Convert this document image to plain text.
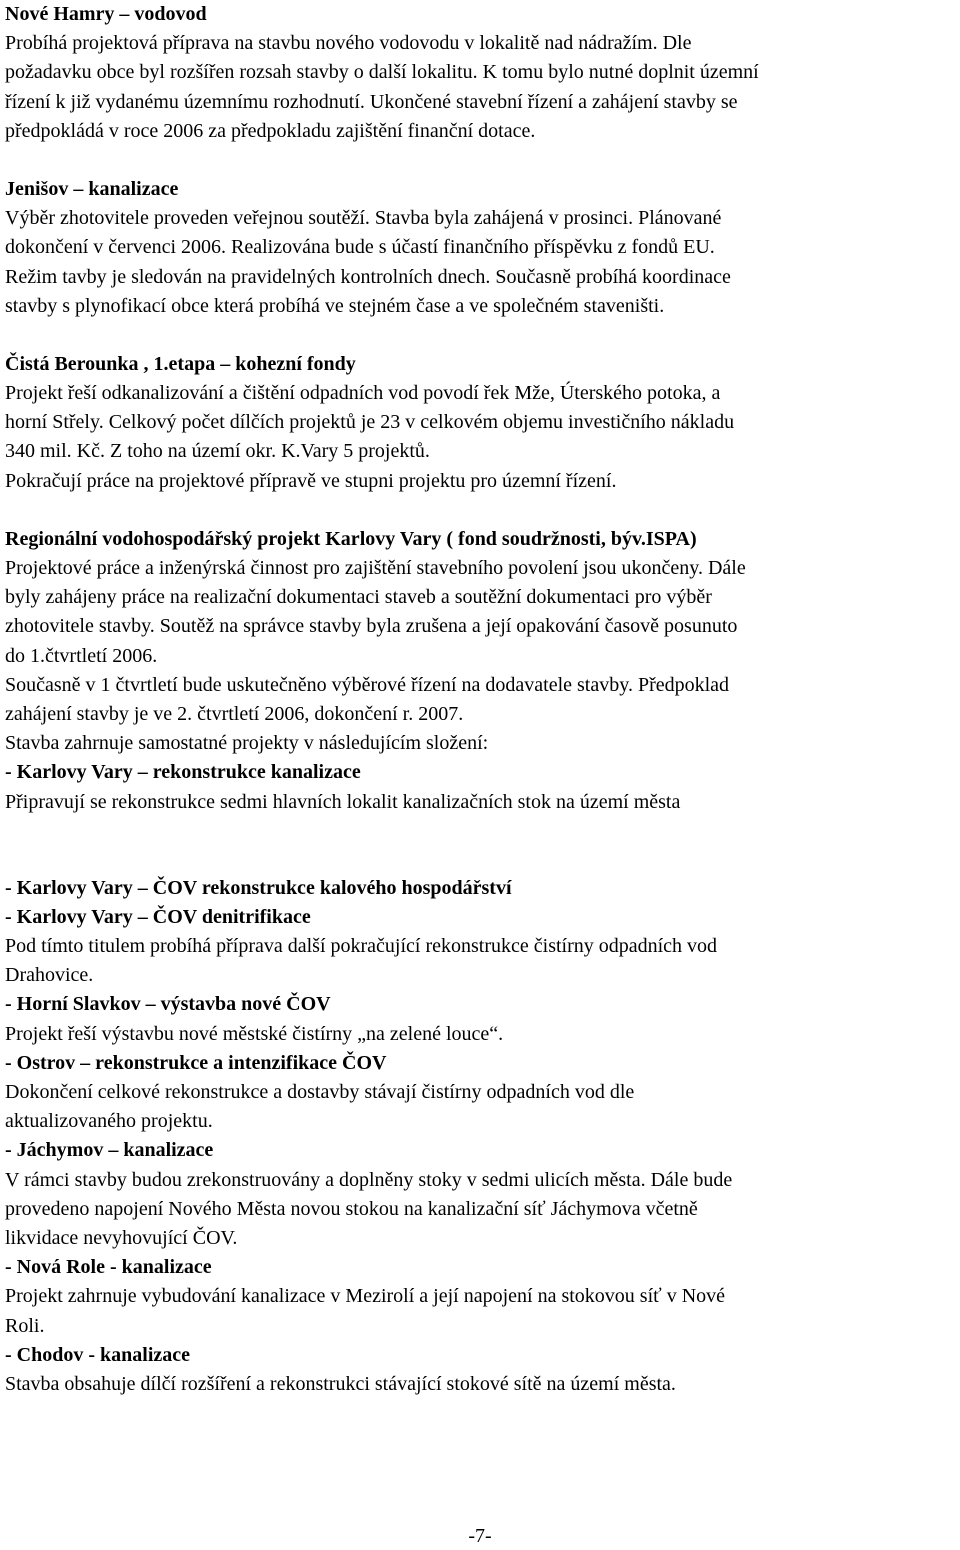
Nové Hamry – vodovod
Probíhá projektová příprava na stavbu nového vodovodu v lokalitě nad nádražím. Dle
požadavku obce byl rozšířen rozsah stavby o další lokalitu. K tomu bylo nutné doplnit územní
řízení k již vydanému územnímu rozhodnutí. Ukončené stavební řízení a zahájení stavby se
předpokládá v roce 2006 za předpokladu zajištění finanční dotace.
Jenišov – kanalizace
Výběr zhotovitele proveden veřejnou soutěží. Stavba byla zahájená v prosinci. Plánované
dokončení v červenci 2006. Realizována bude s účastí finančního příspěvku z fondů EU.
Režim tavby je sledován na pravidelných kontrolních dnech. Současně probíhá koordinace
stavby s plynofikací obce která probíhá ve stejném čase a ve společném staveništi.
Čistá Berounka , 1.etapa – kohezní fondy
Projekt řeší odkanalizování a čištění odpadních vod povodí řek Mže, Úterského potoka, a
horní Střely. Celkový počet dílčích projektů je 23 v celkovém objemu investičního nákladu
340 mil. Kč. Z toho na území okr. K.Vary 5 projektů.
Pokračují práce na projektové přípravě ve stupni projektu pro územní řízení.
Regionální vodohospodářský projekt Karlovy Vary ( fond soudržnosti, býv.ISPA)
Projektové práce a inženýrská činnost pro zajištění stavebního povolení jsou ukončeny. Dále
byly zahájeny práce na realizační dokumentaci staveb a soutěžní dokumentaci pro výběr
zhotovitele stavby. Soutěž na správce stavby byla zrušena a její opakování časově posunuto
do 1.čtvrtletí 2006.
Současně v 1 čtvrtletí bude uskutečněno výběrové řízení na dodavatele stavby. Předpoklad
zahájení stavby je ve 2. čtvrtletí 2006, dokončení r. 2007.
Stavba zahrnuje samostatné projekty v následujícím složení:
- Karlovy Vary – rekonstrukce kanalizace
Připravují se rekonstrukce sedmi hlavních lokalit kanalizačních stok na území města
- Karlovy Vary – ČOV rekonstrukce kalového hospodářství
- Karlovy Vary – ČOV denitrifikace
Pod tímto titulem probíhá příprava další pokračující rekonstrukce čistírny odpadních vod
Drahovice.
- Horní Slavkov – výstavba nové ČOV
Projekt řeší výstavbu nové městské čistírny „na zelené louce“.
- Ostrov – rekonstrukce a intenzifikace ČOV
Dokončení celkové rekonstrukce a dostavby stávají čistírny odpadních vod dle
aktualizovaného projektu.
- Jáchymov – kanalizace
V rámci stavby budou zrekonstruovány a doplněny stoky v sedmi ulicích města. Dále bude
provedeno napojení Nového Města novou stokou na kanalizační síť Jáchymova včetně
likvidace nevyhovující ČOV.
- Nová Role - kanalizace
Projekt zahrnuje vybudování kanalizace v Mezirolí a její napojení na stokovou síť v Nové
Roli.
- Chodov - kanalizace
Stavba obsahuje dílčí rozšíření a rekonstrukci stávající stokové sítě na území města.
-7-
